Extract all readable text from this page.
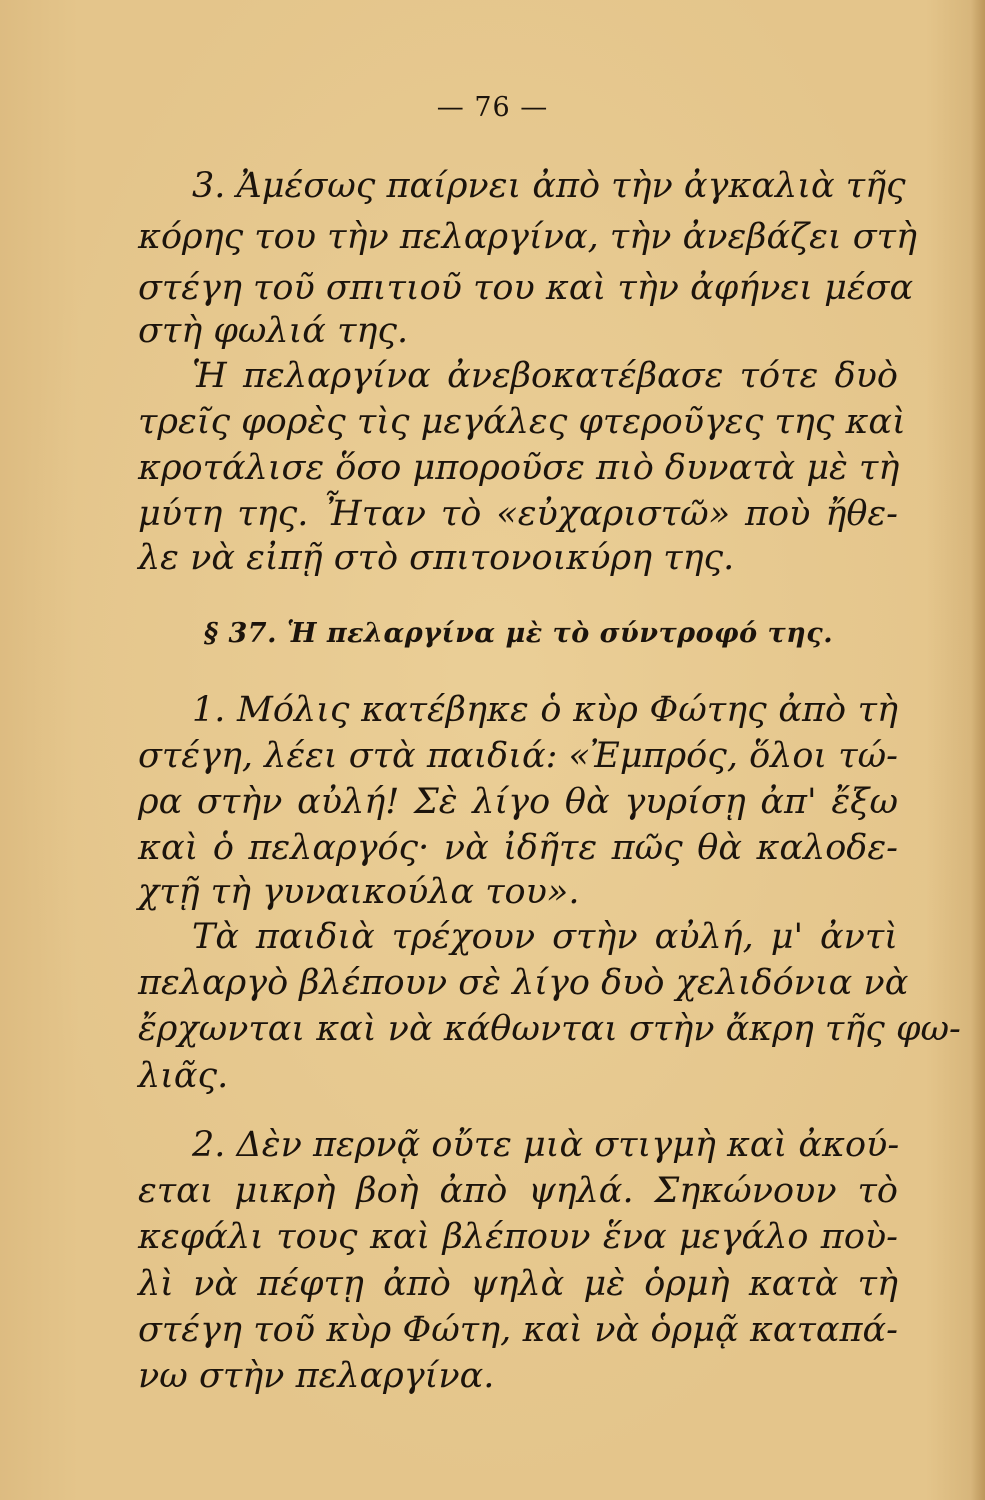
— 76 —
3. Ἀμέσως παίρνει ἀπὸ τὴν ἀγκαλιὰ τῆς
κόρης του τὴν πελαργίνα, τὴν ἀνεβάζει στὴ
στέγη τοῦ σπιτιοῦ του καὶ τὴν ἀφήνει μέσα
στὴ φωλιά της.
Ἡ πελαργίνα ἀνεβοκατέβασε τότε δυὸ
τρεῖς φορὲς τὶς μεγάλες φτεροῦγες της καὶ
κροτάλισε ὅσο μποροῦσε πιὸ δυνατὰ μὲ τὴ
μύτη της. Ἦταν τὸ «εὐχαριστῶ» ποὺ ἤθε-
λε νὰ εἰπῇ στὸ σπιτονοικύρη της.
§ 37. Ἡ πελαργίνα μὲ τὸ σύντροφό της.
1. Μόλις κατέβηκε ὁ κὺρ Φώτης ἀπὸ τὴ
στέγη, λέει στὰ παιδιά: «Ἐμπρός, ὅλοι τώ-
ρα στὴν αὐλή! Σὲ λίγο θὰ γυρίσῃ ἀπ' ἔξω
καὶ ὁ πελαργός· νὰ ἰδῆτε πῶς θὰ καλοδε-
χτῇ τὴ γυναικούλα του».
Τὰ παιδιὰ τρέχουν στὴν αὐλή, μ' ἀντὶ
πελαργὸ βλέπουν σὲ λίγο δυὸ χελιδόνια νὰ
ἔρχωνται καὶ νὰ κάθωνται στὴν ἄκρη τῆς φω-
λιᾶς.
2. Δὲν περνᾷ οὔτε μιὰ στιγμὴ καὶ ἀκού-
εται μικρὴ βοὴ ἀπὸ ψηλά. Σηκώνουν τὸ
κεφάλι τους καὶ βλέπουν ἕνα μεγάλο ποὺ-
λὶ νὰ πέφτῃ ἀπὸ ψηλὰ μὲ ὁρμὴ κατὰ τὴ
στέγη τοῦ κὺρ Φώτη, καὶ νὰ ὁρμᾷ καταπά-
νω στὴν πελαργίνα.
